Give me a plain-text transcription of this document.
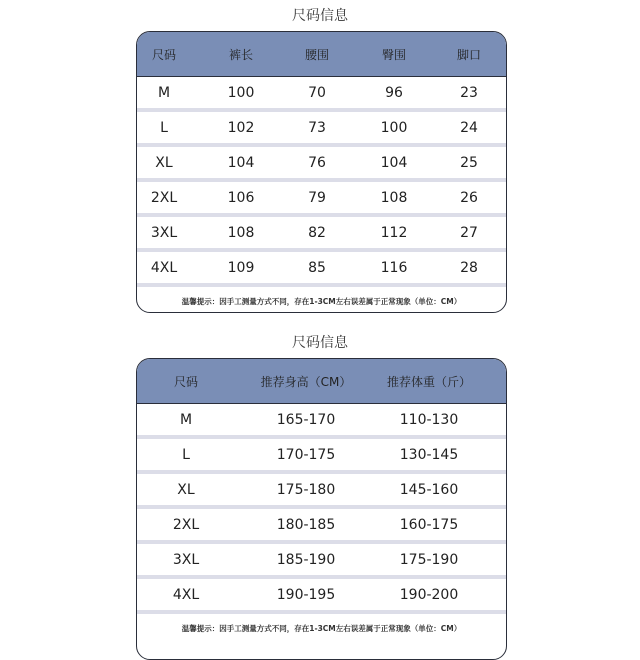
尺码信息
尺码	裤长	腰围	臀围	脚口
M	100	70	96	23
L	102	73	100	24
XL	104	76	104	25
2XL	106	79	108	26
3XL	108	82	112	27
4XL	109	85	116	28
温馨提示：因手工测量方式不同，存在1-3CM左右误差属于正常现象（单位：CM）
尺码信息
尺码	推荐身高（CM）	推荐体重（斤）
M	165-170	110-130
L	170-175	130-145
XL	175-180	145-160
2XL	180-185	160-175
3XL	185-190	175-190
4XL	190-195	190-200
温馨提示：因手工测量方式不同，存在1-3CM左右误差属于正常现象（单位：CM）
